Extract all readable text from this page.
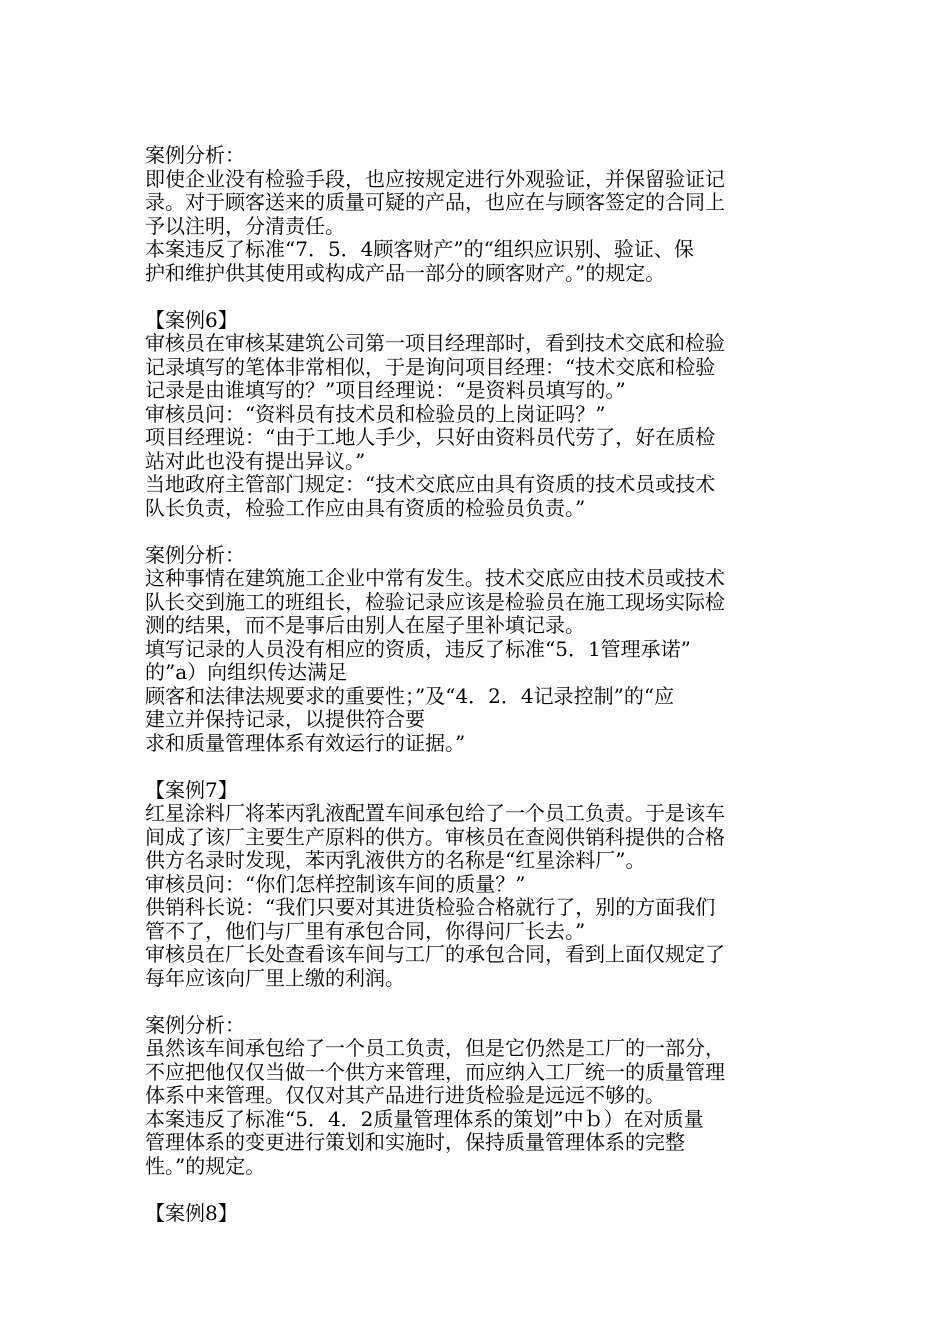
案例分析：
即使企业没有检验手段，也应按规定进行外观验证，并保留验证记
录。对于顾客送来的质量可疑的产品，也应在与顾客签定的合同上
予以注明，分清责任。
本案违反了标准“7．5．4顾客财产”的“组织应识别、验证、保
护和维护供其使用或构成产品一部分的顾客财产。”的规定。
【案例6】
审核员在审核某建筑公司第一项目经理部时，看到技术交底和检验
记录填写的笔体非常相似，于是询问项目经理：“技术交底和检验
记录是由谁填写的？”项目经理说：“是资料员填写的。”
审核员问：“资料员有技术员和检验员的上岗证吗？”
项目经理说：“由于工地人手少，只好由资料员代劳了，好在质检
站对此也没有提出异议。”
当地政府主管部门规定：“技术交底应由具有资质的技术员或技术
队长负责，检验工作应由具有资质的检验员负责。”
案例分析：
这种事情在建筑施工企业中常有发生。技术交底应由技术员或技术
队长交到施工的班组长，检验记录应该是检验员在施工现场实际检
测的结果，而不是事后由别人在屋子里补填记录。
填写记录的人员没有相应的资质，违反了标准“5．1管理承诺”
的”a）向组织传达满足
顾客和法律法规要求的重要性；”及“4．2．4记录控制”的“应
建立并保持记录，以提供符合要
求和质量管理体系有效运行的证据。”
【案例7】
红星涂料厂将苯丙乳液配置车间承包给了一个员工负责。于是该车
间成了该厂主要生产原料的供方。审核员在查阅供销科提供的合格
供方名录时发现，苯丙乳液供方的名称是“红星涂料厂”。
审核员问：“你们怎样控制该车间的质量？”
供销科长说：“我们只要对其进货检验合格就行了，别的方面我们
管不了，他们与厂里有承包合同，你得问厂长去。”
审核员在厂长处查看该车间与工厂的承包合同，看到上面仅规定了
每年应该向厂里上缴的利润。
案例分析：
虽然该车间承包给了一个员工负责，但是它仍然是工厂的一部分，
不应把他仅仅当做一个供方来管理，而应纳入工厂统一的质量管理
体系中来管理。仅仅对其产品进行进货检验是远远不够的。
本案违反了标准“5．4．2质量管理体系的策划”中ｂ）在对质量
管理体系的变更进行策划和实施时，保持质量管理体系的完整
性。”的规定。
【案例8】
